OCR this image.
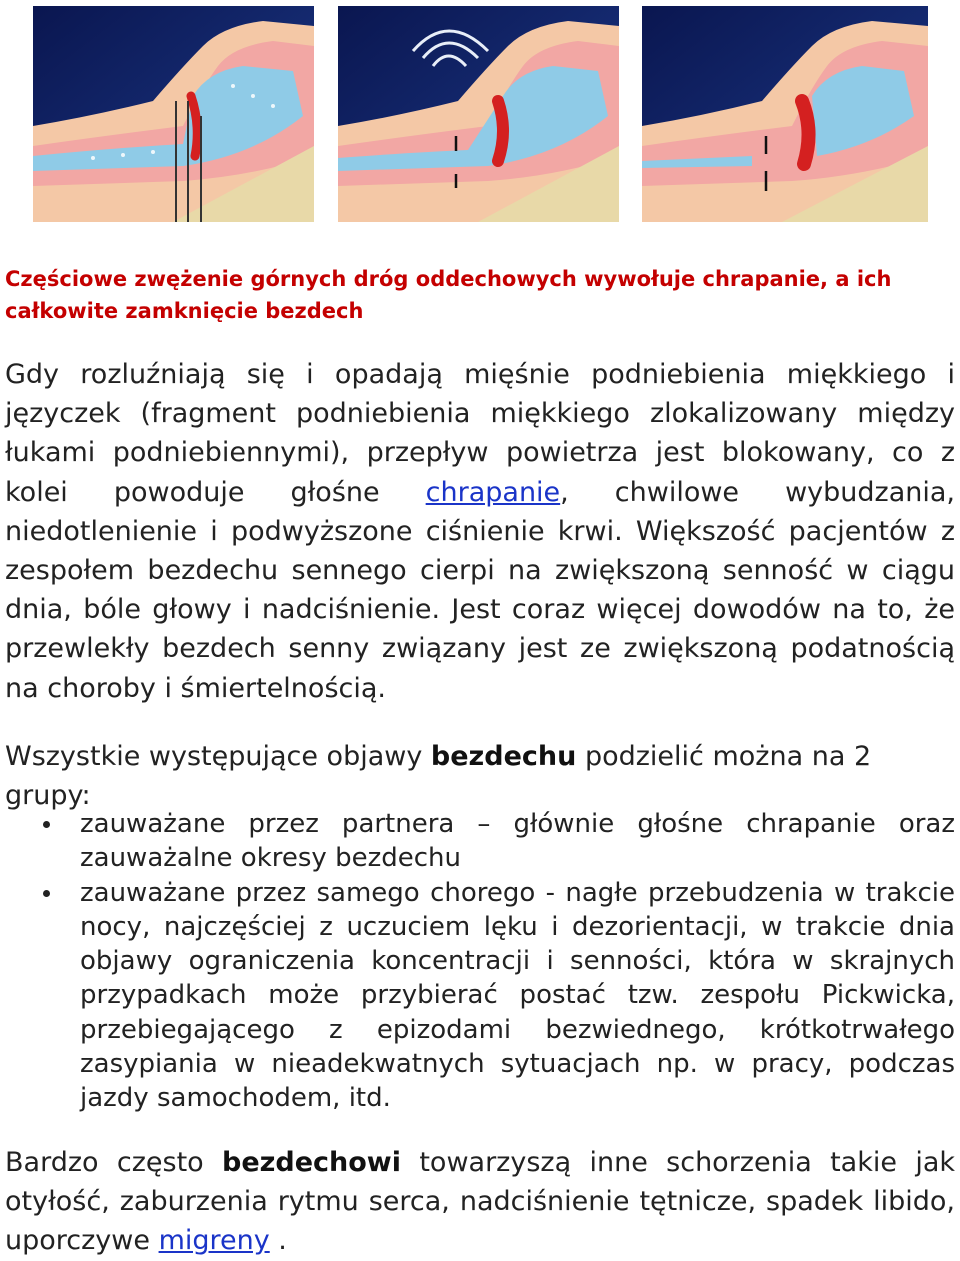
Częściowe zwężenie górnych dróg oddechowych wywołuje chrapanie, a ich całkowite zamknięcie bezdech

Gdy rozluźniają się i opadają mięśnie podniebienia miękkiego i języczek (fragment podniebienia miękkiego zlokalizowany między łukami podniebiennymi), przepływ powietrza jest blokowany, co z kolei powoduje głośne chrapanie, chwilowe wybudzania, niedotlenienie i podwyższone ciśnienie krwi. Większość pacjentów z zespołem bezdechu sennego cierpi na zwiększoną senność w ciągu dnia, bóle głowy i nadciśnienie. Jest coraz więcej dowodów na to, że przewlekły bezdech senny związany jest ze zwiększoną podatnością na choroby i śmiertelnością.

Wszystkie występujące objawy bezdechu podzielić można na 2 grupy:

zauważane przez partnera – głównie głośne chrapanie oraz zauważalne okresy bezdechu
zauważane przez samego chorego - nagłe przebudzenia w trakcie nocy, najczęściej z uczuciem lęku i dezorientacji, w trakcie dnia objawy ograniczenia koncentracji i senności, która w skrajnych przypadkach może przybierać postać tzw. zespołu Pickwicka, przebiegającego z epizodami bezwiednego, krótkotrwałego zasypiania w nieadekwatnych sytuacjach np. w pracy, podczas jazdy samochodem, itd.

Bardzo często bezdechowi towarzyszą inne schorzenia takie jak otyłość, zaburzenia rytmu serca, nadciśnienie tętnicze, spadek libido, uporczywe migreny .
